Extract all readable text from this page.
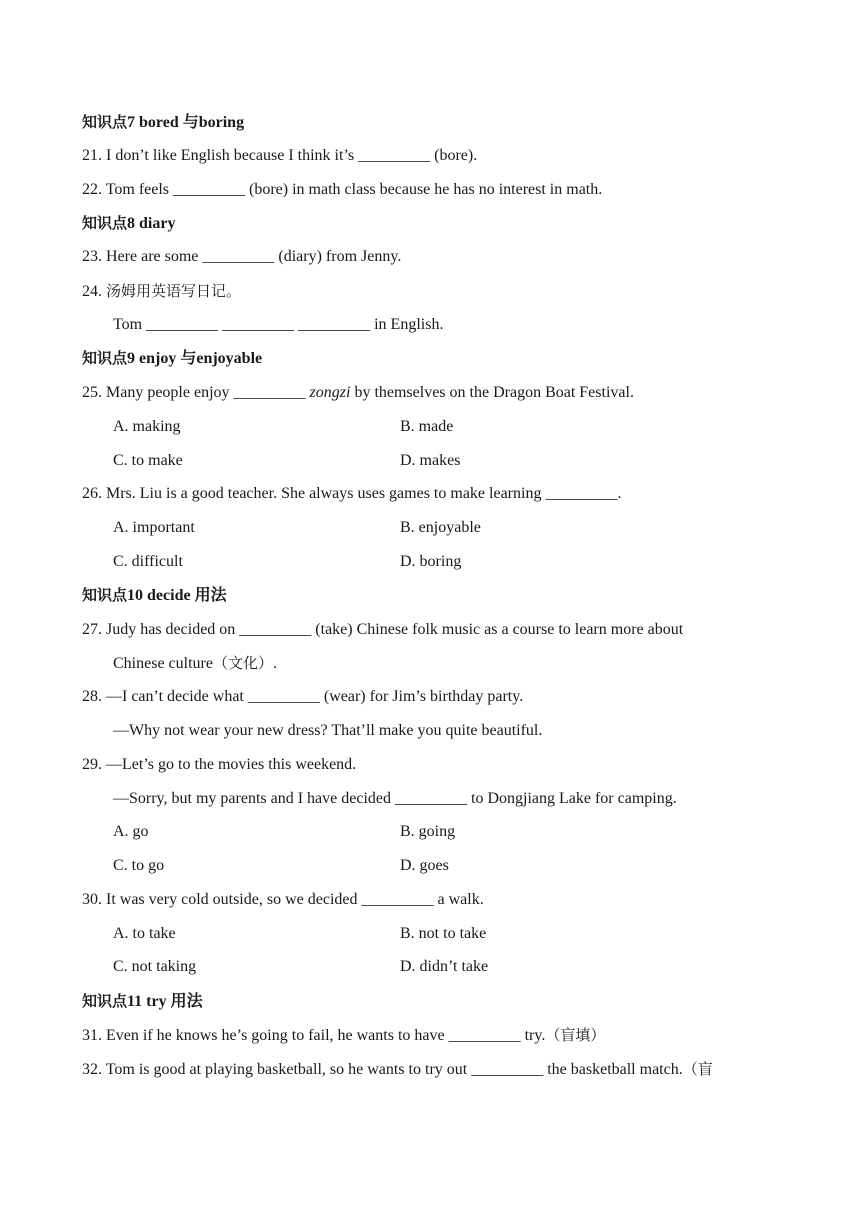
知识点7 bored 与boring
21. I don’t like English because I think it’s _________ (bore).
22. Tom feels _________ (bore) in math class because he has no interest in math.
知识点8 diary
23. Here are some _________ (diary) from Jenny.
24. 汤姆用英语写日记。
Tom _________ _________ _________ in English.
知识点9 enjoy 与enjoyable
25. Many people enjoy _________ zongzi by themselves on the Dragon Boat Festival.
A. making	B. made
C. to make	D. makes
26. Mrs. Liu is a good teacher. She always uses games to make learning _________.
A. important	B. enjoyable
C. difficult	D. boring
知识点10 decide 用法
27. Judy has decided on _________ (take) Chinese folk music as a course to learn more about
Chinese culture（文化）.
28. —I can’t decide what _________ (wear) for Jim’s birthday party.
—Why not wear your new dress? That’ll make you quite beautiful.
29. —Let’s go to the movies this weekend.
—Sorry, but my parents and I have decided _________ to Dongjiang Lake for camping.
A. go	B. going
C. to go	D. goes
30. It was very cold outside, so we decided _________ a walk.
A. to take	B. not to take
C. not taking	D. didn’t take
知识点11 try 用法
31. Even if he knows he’s going to fail, he wants to have _________ try.（盲填）
32. Tom is good at playing basketball, so he wants to try out _________ the basketball match.（盲
